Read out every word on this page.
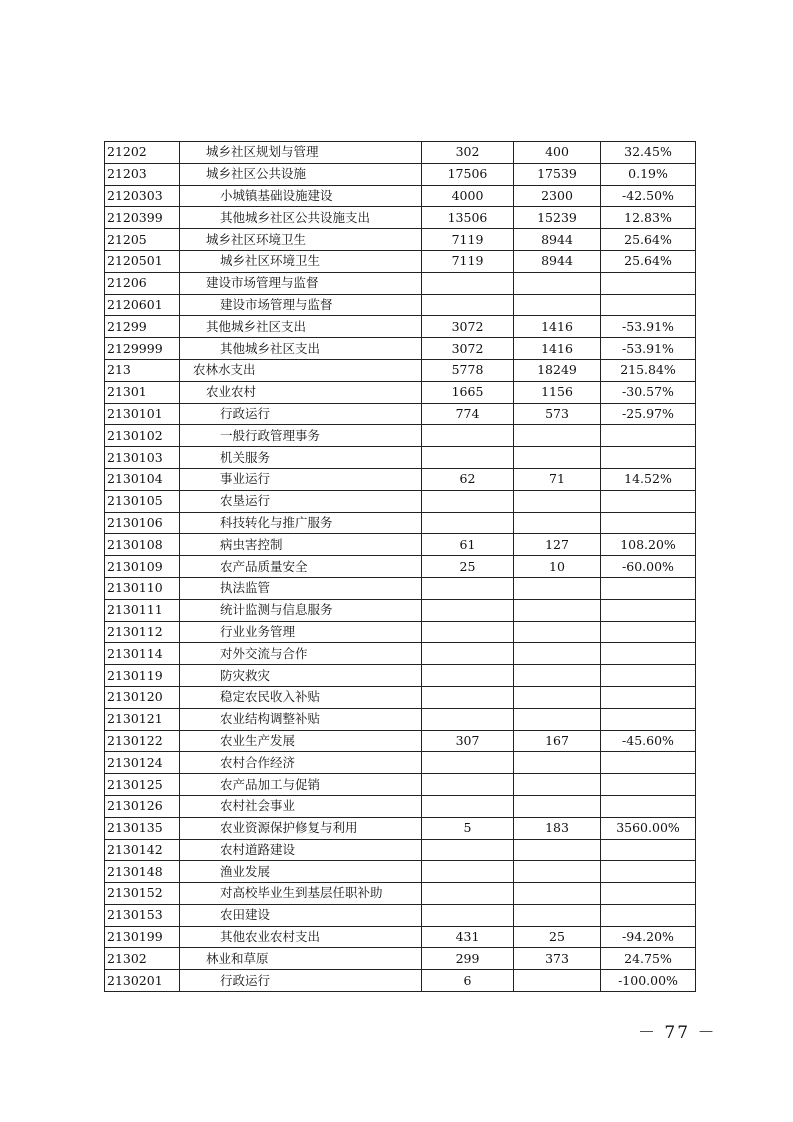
21202	城乡社区规划与管理	302	400	32.45%
21203	城乡社区公共设施	17506	17539	0.19%
2120303	小城镇基础设施建设	4000	2300	-42.50%
2120399	其他城乡社区公共设施支出	13506	15239	12.83%
21205	城乡社区环境卫生	7119	8944	25.64%
2120501	城乡社区环境卫生	7119	8944	25.64%
21206	建设市场管理与监督			
2120601	建设市场管理与监督			
21299	其他城乡社区支出	3072	1416	-53.91%
2129999	其他城乡社区支出	3072	1416	-53.91%
213	农林水支出	5778	18249	215.84%
21301	农业农村	1665	1156	-30.57%
2130101	行政运行	774	573	-25.97%
2130102	一般行政管理事务			
2130103	机关服务			
2130104	事业运行	62	71	14.52%
2130105	农垦运行			
2130106	科技转化与推广服务			
2130108	病虫害控制	61	127	108.20%
2130109	农产品质量安全	25	10	-60.00%
2130110	执法监管			
2130111	统计监测与信息服务			
2130112	行业业务管理			
2130114	对外交流与合作			
2130119	防灾救灾			
2130120	稳定农民收入补贴			
2130121	农业结构调整补贴			
2130122	农业生产发展	307	167	-45.60%
2130124	农村合作经济			
2130125	农产品加工与促销			
2130126	农村社会事业			
2130135	农业资源保护修复与利用	5	183	3560.00%
2130142	农村道路建设			
2130148	渔业发展			
2130152	对高校毕业生到基层任职补助			
2130153	农田建设			
2130199	其他农业农村支出	431	25	-94.20%
21302	林业和草原	299	373	24.75%
2130201	行政运行	6		-100.00%
－ 77 －
